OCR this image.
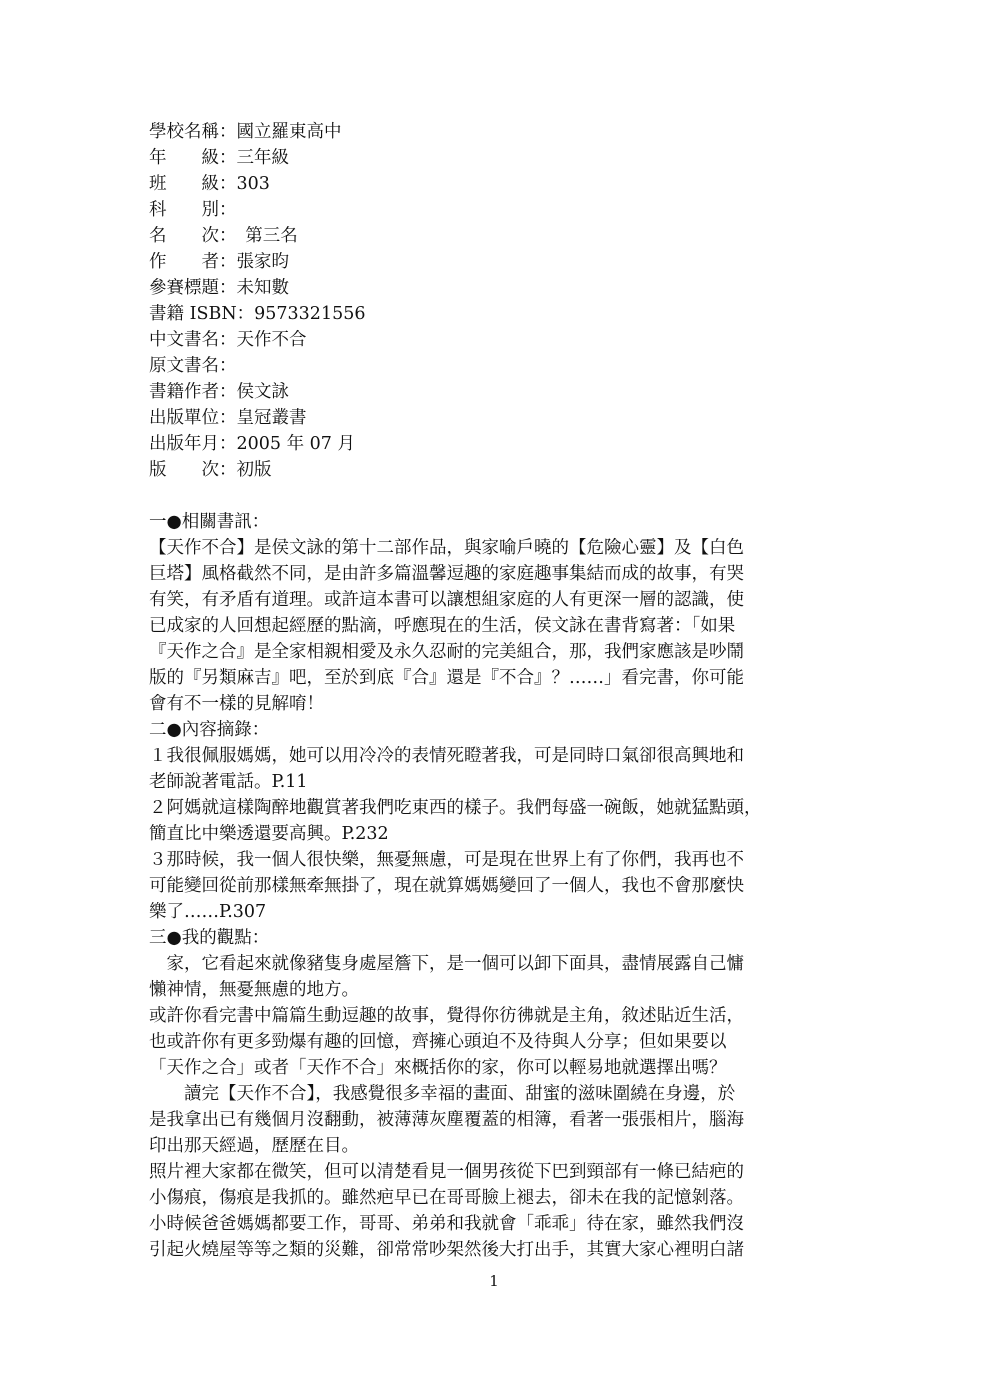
學校名稱：國立羅東高中
年　　級：三年級
班　　級：303
科　　別：
名　　次：　第三名
作　　者：張家昀
參賽標題：未知數
書籍 ISBN：9573321556
中文書名：天作不合
原文書名：
書籍作者：侯文詠
出版單位：皇冠叢書
出版年月：2005 年 07 月
版　　次：初版
一●相關書訊：
【天作不合】是侯文詠的第十二部作品，與家喻戶曉的【危險心靈】及【白色
巨塔】風格截然不同，是由許多篇溫馨逗趣的家庭趣事集結而成的故事，有哭
有笑，有矛盾有道理。或許這本書可以讓想組家庭的人有更深一層的認識，使
已成家的人回想起經歷的點滴，呼應現在的生活，侯文詠在書背寫著：「如果
『天作之合』是全家相親相愛及永久忍耐的完美組合，那，我們家應該是吵鬧
版的『另類麻吉』吧，至於到底『合』還是『不合』？……」看完書，你可能
會有不一樣的見解唷！
二●內容摘錄：
１我很佩服媽媽，她可以用冷冷的表情死瞪著我，可是同時口氣卻很高興地和
老師說著電話。P.11
２阿媽就這樣陶醉地觀賞著我們吃東西的樣子。我們每盛一碗飯，她就猛點頭，
簡直比中樂透還要高興。P.232
３那時候，我一個人很快樂，無憂無慮，可是現在世界上有了你們，我再也不
可能變回從前那樣無牽無掛了，現在就算媽媽變回了一個人，我也不會那麼快
樂了……P.307
三●我的觀點：
　家，它看起來就像豬隻身處屋簷下，是一個可以卸下面具，盡情展露自己慵
懶神情，無憂無慮的地方。
或許你看完書中篇篇生動逗趣的故事，覺得你彷彿就是主角，敘述貼近生活，
也或許你有更多勁爆有趣的回憶，齊擁心頭迫不及待與人分享；但如果要以
「天作之合」或者「天作不合」來概括你的家，你可以輕易地就選擇出嗎？
　　讀完【天作不合】，我感覺很多幸福的畫面、甜蜜的滋味圍繞在身邊，於
是我拿出已有幾個月沒翻動，被薄薄灰塵覆蓋的相簿，看著一張張相片，腦海
印出那天經過，歷歷在目。
照片裡大家都在微笑，但可以清楚看見一個男孩從下巴到頸部有一條已結疤的
小傷痕，傷痕是我抓的。雖然疤早已在哥哥臉上褪去，卻未在我的記憶剝落。
小時候爸爸媽媽都要工作，哥哥、弟弟和我就會「乖乖」待在家，雖然我們沒
引起火燒屋等等之類的災難，卻常常吵架然後大打出手，其實大家心裡明白諸
1
